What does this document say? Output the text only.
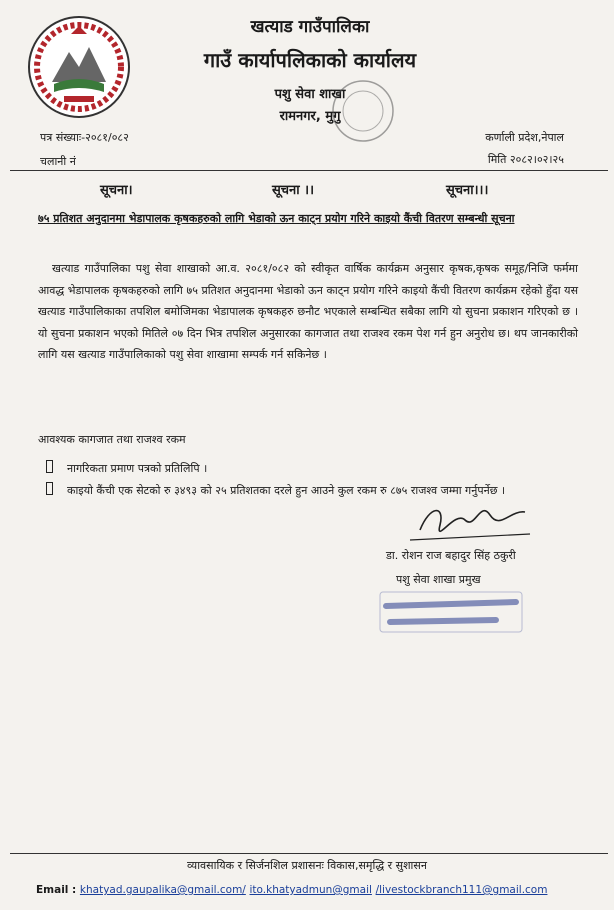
खत्याड गाउँपालिका
गाउँ कार्यापलिकाको कार्यालय
पशु सेवा शाखा
रामनगर, मुगु
पत्र संख्याः-२०८१/०८२
चलानी नं
कर्णाली प्रदेश,नेपाल
मिति २०८२।०२।२५
सूचना।	सूचना ।।	सूचना।।।
७५ प्रतिशत अनुदानमा भेडापालक कृषकहरुको लागि भेडाको ऊन काट्न प्रयोग गरिने काइयो कैंची वितरण सम्बन्धी सूचना
खत्याड गाउँपालिका पशु सेवा शाखाको आ.व. २०८१/०८२ को स्वीकृत वार्षिक कार्यक्रम अनुसार कृषक,कृषक समूह/निजि फर्ममा आवद्ध भेडापालक कृषकहरुको लागि ७५ प्रतिशत अनुदानमा भेडाको ऊन काट्न प्रयोग गरिने काइयो कैंची वितरण कार्यक्रम रहेको हुँदा यस खत्याड गाउँपालिकाका तपशिल बमोजिमका भेडापालक कृषकहरु छनौट भएकाले सम्बन्धित सबैका लागि यो सुचना प्रकाशन गरिएको छ । यो सुचना प्रकाशन भएको मितिले ०७ दिन भित्र तपशिल अनुसारका कागजात तथा राजश्व रकम पेश गर्न हुन अनुरोध छ। थप जानकारीको लागि यस खत्याड गाउँपालिकाको पशु सेवा शाखामा सम्पर्क गर्न सकिनेछ ।
आवश्यक कागजात तथा राजश्व रकम
नागरिकता प्रमाण पत्रको प्रतिलिपि ।
काइयो कैंची एक सेटको रु ३४९३ को २५ प्रतिशतका दरले हुन आउने कुल रकम रु ८७५ राजश्व जम्मा गर्नुपर्नेछ ।
डा. रोशन राज बहादुर सिंह ठकुरी
पशु सेवा शाखा प्रमुख
व्यावसायिक र सिर्जनशिल प्रशासनः विकास,समृद्धि र सुशासन
Email : khatyad.gaupalika@gmail.com/ ito.khatyadmun@gmail /livestockbranch111@gmail.com
